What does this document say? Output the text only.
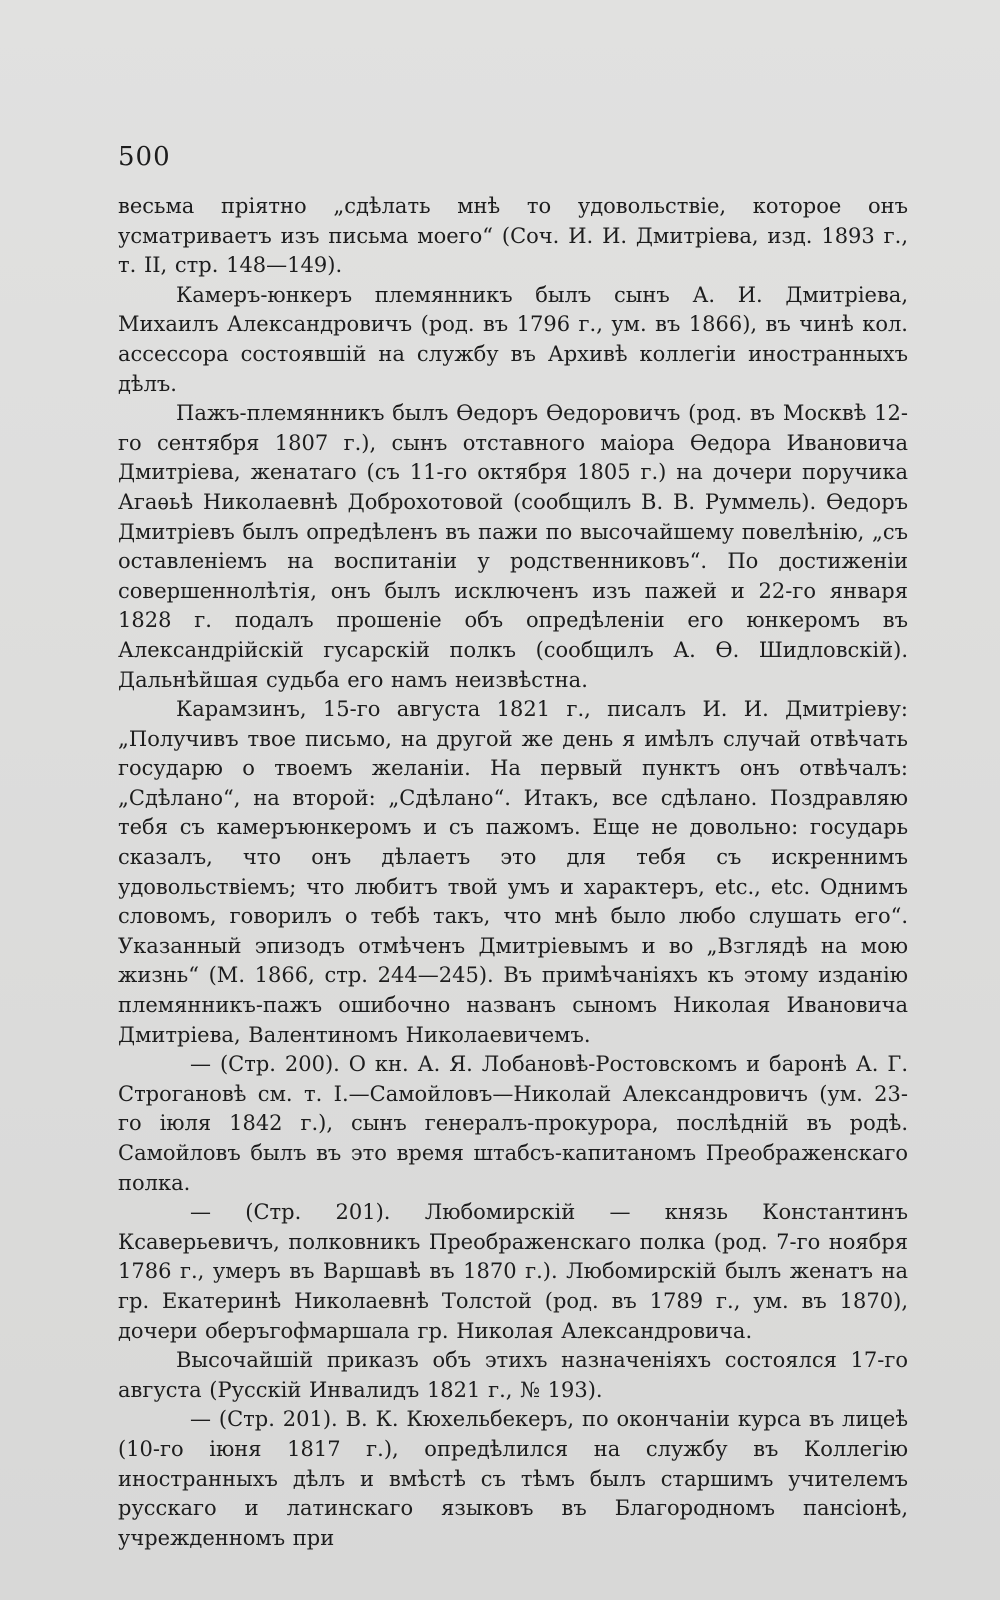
500

весьма пріятно „сдѣлать мнѣ то удовольствіе, которое онъ усматриваетъ изъ письма моего“ (Соч. И. И. Дмитріева, изд. 1893 г., т. II, стр. 148—149).

Камеръ-юнкеръ племянникъ былъ сынъ А. И. Дмитріева, Михаилъ Александровичъ (род. въ 1796 г., ум. въ 1866), въ чинѣ кол. ассессора состоявшій на службу въ Архивѣ коллегіи иностранныхъ дѣлъ.

Пажъ-племянникъ былъ Ѳедоръ Ѳедоровичъ (род. въ Москвѣ 12-го сентября 1807 г.), сынъ отставного маіора Ѳедора Ивановича Дмитріева, женатаго (съ 11-го октября 1805 г.) на дочери поручика Агаѳьѣ Николаевнѣ Доброхотовой (сообщилъ В. В. Руммель). Ѳедоръ Дмитріевъ былъ опредѣленъ въ пажи по высочайшему повелѣнію, „съ оставленіемъ на воспитаніи у родственниковъ“. По достиженіи совершеннолѣтія, онъ былъ исключенъ изъ пажей и 22-го января 1828 г. подалъ прошеніе объ опредѣленіи его юнкеромъ въ Александрійскій гусарскій полкъ (сообщилъ А. Ѳ. Шидловскій). Дальнѣйшая судьба его намъ неизвѣстна.

Карамзинъ, 15-го августа 1821 г., писалъ И. И. Дмитріеву: „Получивъ твое письмо, на другой же день я имѣлъ случай отвѣчать государю о твоемъ желаніи. На первый пунктъ онъ отвѣчалъ: „Сдѣлано“, на второй: „Сдѣлано“. Итакъ, все сдѣлано. Поздравляю тебя съ камеръюнкеромъ и съ пажомъ. Еще не довольно: государь сказалъ, что онъ дѣлаетъ это для тебя съ искреннимъ удовольствіемъ; что любитъ твой умъ и характеръ, etc., etc. Однимъ словомъ, говорилъ о тебѣ такъ, что мнѣ было любо слушать его“. Указанный эпизодъ отмѣченъ Дмитріевымъ и во „Взглядѣ на мою жизнь“ (М. 1866, стр. 244—245). Въ примѣчаніяхъ къ этому изданію племянникъ-пажъ ошибочно названъ сыномъ Николая Ивановича Дмитріева, Валентиномъ Николаевичемъ.

— (Стр. 200). О кн. А. Я. Лобановѣ-Ростовскомъ и баронѣ А. Г. Строгановѣ см. т. I.—Самойловъ—Николай Александровичъ (ум. 23-го іюля 1842 г.), сынъ генералъ-прокурора, послѣдній въ родѣ. Самойловъ былъ въ это время штабсъ-капитаномъ Преображенскаго полка.

— (Стр. 201). Любомирскій — князь Константинъ Ксаверьевичъ, полковникъ Преображенскаго полка (род. 7-го ноября 1786 г., умеръ въ Варшавѣ въ 1870 г.). Любомирскій былъ женатъ на гр. Екатеринѣ Николаевнѣ Толстой (род. въ 1789 г., ум. въ 1870), дочери оберъгофмаршала гр. Николая Александровича.

Высочайшій приказъ объ этихъ назначеніяхъ состоялся 17-го августа (Русскій Инвалидъ 1821 г., № 193).

— (Стр. 201). В. К. Кюхельбекеръ, по окончаніи курса въ лицеѣ (10-го іюня 1817 г.), опредѣлился на службу въ Коллегію иностранныхъ дѣлъ и вмѣстѣ съ тѣмъ былъ старшимъ учителемъ русскаго и латинскаго языковъ въ Благородномъ пансіонѣ, учрежденномъ при
